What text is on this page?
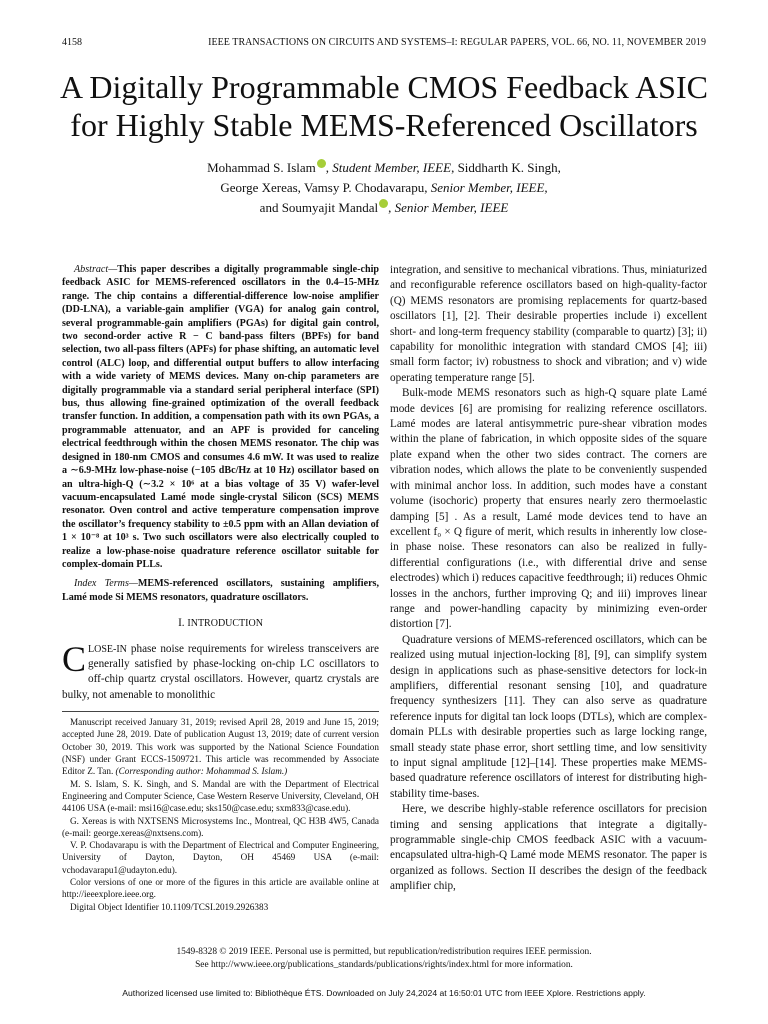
4158	IEEE TRANSACTIONS ON CIRCUITS AND SYSTEMS–I: REGULAR PAPERS, VOL. 66, NO. 11, NOVEMBER 2019
A Digitally Programmable CMOS Feedback ASIC
for Highly Stable MEMS-Referenced Oscillators
Mohammad S. Islam , Student Member, IEEE, Siddharth K. Singh,
George Xereas, Vamsy P. Chodavarapu, Senior Member, IEEE,
and Soumyajit Mandal , Senior Member, IEEE

Abstract—This paper describes a digitally programmable single-chip feedback ASIC for MEMS-referenced oscillators in the 0.4–15-MHz range. The chip contains a differential-difference low-noise amplifier (DD-LNA), a variable-gain amplifier (VGA) for analog gain control, several programmable-gain amplifiers (PGAs) for digital gain control, two second-order active R − C band-pass filters (BPFs) for band selection, two all-pass filters (APFs) for phase shifting, an automatic level control (ALC) loop, and differential output buffers to allow interfacing with a wide variety of MEMS devices. Many on-chip parameters are digitally programmable via a standard serial peripheral interface (SPI) bus, thus allowing fine-grained optimization of the overall feedback transfer function. In addition, a compensation path with its own PGAs, a programmable attenuator, and an APF is provided for canceling electrical feedthrough within the chosen MEMS resonator. The chip was designed in 180-nm CMOS and consumes 4.6 mW. It was used to realize a ∼6.9-MHz low-phase-noise (−105 dBc/Hz at 10 Hz) oscillator based on an ultra-high-Q (∼3.2 × 10⁶ at a bias voltage of 35 V) wafer-level vacuum-encapsulated Lamé mode single-crystal Silicon (SCS) MEMS resonator. Oven control and active temperature compensation improve the oscillator’s frequency stability to ±0.5 ppm with an Allan deviation of 1 × 10⁻⁸ at 10³ s. Two such oscillators were also electrically coupled to realize a low-phase-noise quadrature reference oscillator suitable for complex-domain PLLs.

Index Terms—MEMS-referenced oscillators, sustaining amplifiers, Lamé mode Si MEMS resonators, quadrature oscillators.

I. INTRODUCTION

CLOSE-IN phase noise requirements for wireless transceivers are generally satisfied by phase-locking on-chip LC oscillators to off-chip quartz crystal oscillators. However, quartz crystals are bulky, not amenable to monolithic

Manuscript received January 31, 2019; revised April 28, 2019 and June 15, 2019; accepted June 28, 2019. Date of publication August 13, 2019; date of current version October 30, 2019. This work was supported by the National Science Foundation (NSF) under Grant ECCS-1509721. This article was recommended by Associate Editor Z. Tan. (Corresponding author: Mohammad S. Islam.)

M. S. Islam, S. K. Singh, and S. Mandal are with the Department of Electrical Engineering and Computer Science, Case Western Reserve University, Cleveland, OH 44106 USA (e-mail: msi16@case.edu; sks150@case.edu; sxm833@case.edu).

G. Xereas is with NXTSENS Microsystems Inc., Montreal, QC H3B 4W5, Canada (e-mail: george.xereas@nxtsens.com).

V. P. Chodavarapu is with the Department of Electrical and Computer Engineering, University of Dayton, Dayton, OH 45469 USA (e-mail: vchodavarapu1@udayton.edu).

Color versions of one or more of the figures in this article are available online at http://ieeexplore.ieee.org.

Digital Object Identifier 10.1109/TCSI.2019.2926383

integration, and sensitive to mechanical vibrations. Thus, miniaturized and reconfigurable reference oscillators based on high-quality-factor (Q) MEMS resonators are promising replacements for quartz-based oscillators [1], [2]. Their desirable properties include i) excellent short- and long-term frequency stability (comparable to quartz) [3]; ii) capability for monolithic integration with standard CMOS [4]; iii) small form factor; iv) robustness to shock and vibration; and v) wide operating temperature range [5].

Bulk-mode MEMS resonators such as high-Q square plate Lamé mode devices [6] are promising for realizing reference oscillators. Lamé modes are lateral antisymmetric pure-shear vibration modes within the plane of fabrication, in which opposite sides of the square plate expand when the other two sides contract. The corners are vibration nodes, which allows the plate to be conveniently suspended with minimal anchor loss. In addition, such modes have a constant volume (isochoric) property that ensures nearly zero thermoelastic damping [5] . As a result, Lamé mode devices tend to have an excellent f₀ × Q figure of merit, which results in inherently low close-in phase noise. These resonators can also be realized in fully-differential configurations (i.e., with differential drive and sense electrodes) which i) reduces capacitive feedthrough; ii) reduces Ohmic losses in the anchors, further improving Q; and iii) improves linear range and power-handling capacity by minimizing even-order distortion [7].

Quadrature versions of MEMS-referenced oscillators, which can be realized using mutual injection-locking [8], [9], can simplify system design in applications such as phase-sensitive detectors for lock-in amplifiers, differential resonant sensing [10], and quadrature frequency synthesizers [11]. They can also serve as quadrature reference inputs for digital tan lock loops (DTLs), which are complex-domain PLLs with desirable properties such as large locking range, small steady state phase error, short settling time, and low sensitivity to input signal amplitude [12]–[14]. These properties make MEMS-based quadrature reference oscillators of interest for distributing high-stability time-bases.

Here, we describe highly-stable reference oscillators for precision timing and sensing applications that integrate a digitally-programmable single-chip CMOS feedback ASIC with a vacuum-encapsulated ultra-high-Q Lamé mode MEMS resonator. The paper is organized as follows. Section II describes the design of the feedback amplifier chip,

1549-8328 © 2019 IEEE. Personal use is permitted, but republication/redistribution requires IEEE permission.
See http://www.ieee.org/publications_standards/publications/rights/index.html for more information.
Authorized licensed use limited to: Bibliothèque ÉTS. Downloaded on July 24,2024 at 16:50:01 UTC from IEEE Xplore. Restrictions apply.
